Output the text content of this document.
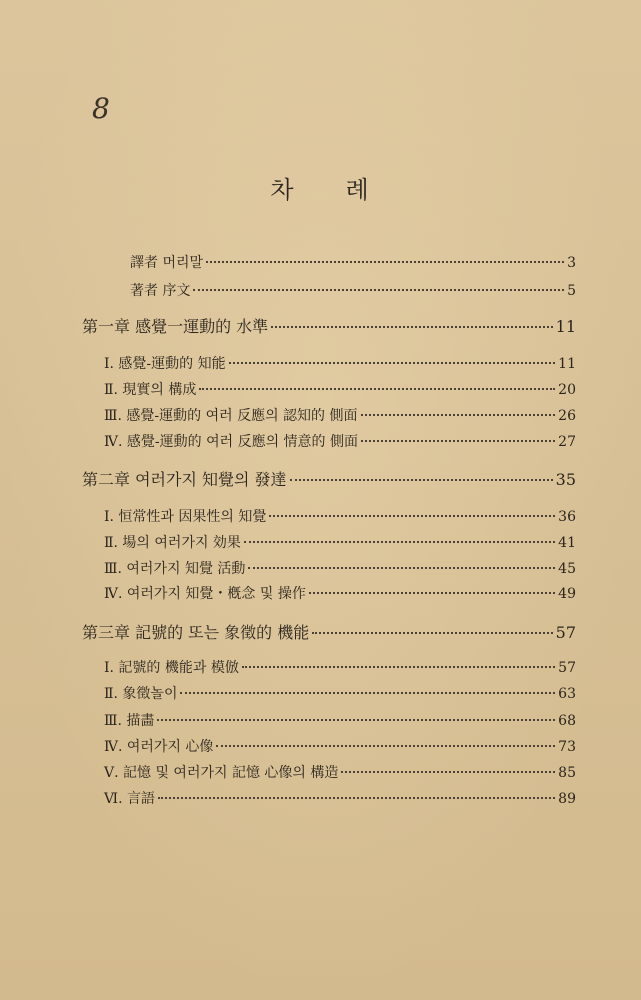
8
차 례
譯者 머리말	3
著者 序文	5
第一章 感覺一運動的 水準	11
Ⅰ. 感覺-運動的 知能	11
Ⅱ. 現實의 構成	20
Ⅲ. 感覺-運動的 여러 反應의 認知的 側面	26
Ⅳ. 感覺-運動的 여러 反應의 情意的 側面	27
第二章 여러가지 知覺의 發達	35
Ⅰ. 恒常性과 因果性의 知覺	36
Ⅱ. 場의 여러가지 効果	41
Ⅲ. 여러가지 知覺 活動	45
Ⅳ. 여러가지 知覺・槪念 및 操作	49
第三章 記號的 또는 象徵的 機能	57
Ⅰ. 記號的 機能과 模倣	57
Ⅱ. 象徵놀이	63
Ⅲ. 描畵	68
Ⅳ. 여러가지 心像	73
Ⅴ. 記憶 및 여러가지 記憶 心像의 構造	85
Ⅵ. 言語	89
